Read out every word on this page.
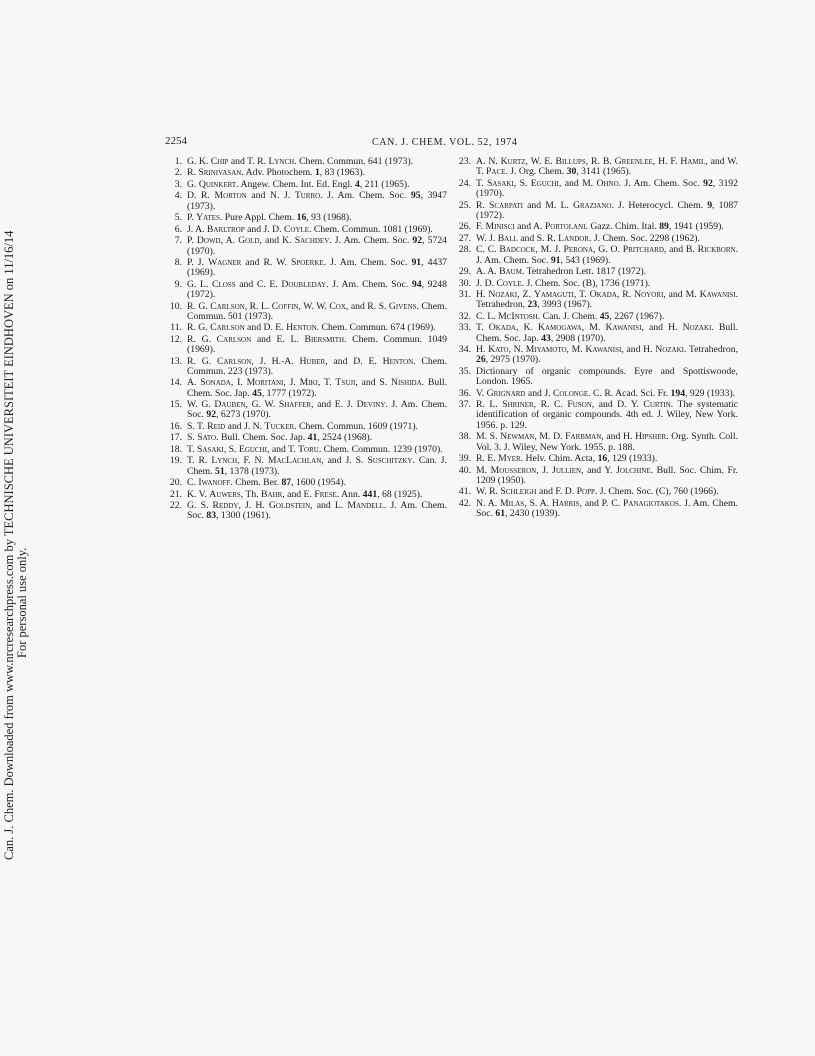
2254	CAN. J. CHEM. VOL. 52, 1974
1. G. K. Chip and T. R. Lynch. Chem. Commun. 641 (1973).
2. R. Srinivasan. Adv. Photochem. 1, 83 (1963).
3. G. Quinkert. Angew. Chem. Int. Ed. Engl. 4, 211 (1965).
4. D. R. Morton and N. J. Turro. J. Am. Chem. Soc. 95, 3947 (1973).
5. P. Yates. Pure Appl. Chem. 16, 93 (1968).
6. J. A. Barltrop and J. D. Coyle. Chem. Commun. 1081 (1969).
7. P. Dowd, A. Gold, and K. Sachdev. J. Am. Chem. Soc. 92, 5724 (1970).
8. P. J. Wagner and R. W. Spoerke. J. Am. Chem. Soc. 91, 4437 (1969).
9. G. L. Closs and C. E. Doubleday. J. Am. Chem. Soc. 94, 9248 (1972).
10. R. G. Carlson, R. L. Coffin, W. W. Cox, and R. S. Givens. Chem. Commun. 501 (1973).
11. R. G. Carlson and D. E. Henton. Chem. Commun. 674 (1969).
12. R. G. Carlson and E. L. Biersmith. Chem. Commun. 1049 (1969).
13. R. G. Carlson, J. H.-A. Huber, and D. E. Henton. Chem. Commun. 223 (1973).
14. A. Sonada, I. Moritani, J. Miki, T. Tsuji, and S. Nishida. Bull. Chem. Soc. Jap. 45, 1777 (1972).
15. W. G. Dauben, G. W. Shaffer, and E. J. Deviny. J. Am. Chem. Soc. 92, 6273 (1970).
16. S. T. Reid and J. N. Tucker. Chem. Commun. 1609 (1971).
17. S. Sato. Bull. Chem. Soc. Jap. 41, 2524 (1968).
18. T. Sasaki, S. Eguchi, and T. Toru. Chem. Commun. 1239 (1970).
19. T. R. Lynch, F. N. MacLachlan, and J. S. Suschitzky. Can. J. Chem. 51, 1378 (1973).
20. C. Iwanoff. Chem. Ber. 87, 1600 (1954).
21. K. V. Auwers, Th. Bahr, and E. Frese. Ann. 441, 68 (1925).
22. G. S. Reddy, J. H. Goldstein, and L. Mandell. J. Am. Chem. Soc. 83, 1300 (1961).
23. A. N. Kurtz, W. E. Billups, R. B. Greenlee, H. F. Hamil, and W. T. Pace. J. Org. Chem. 30, 3141 (1965).
24. T. Sasaki, S. Eguchi, and M. Ohno. J. Am. Chem. Soc. 92, 3192 (1970).
25. R. Scarpati and M. L. Graziano. J. Heterocycl. Chem. 9, 1087 (1972).
26. F. Minisci and A. Portolani. Gazz. Chim. Ital. 89, 1941 (1959).
27. W. J. Ball and S. R. Landor. J. Chem. Soc. 2298 (1962).
28. C. C. Badcock, M. J. Perona, G. O. Pritchard, and B. Rickborn. J. Am. Chem. Soc. 91, 543 (1969).
29. A. A. Baum. Tetrahedron Lett. 1817 (1972).
30. J. D. Coyle. J. Chem. Soc. (B), 1736 (1971).
31. H. Nozaki, Z. Yamaguti, T. Okada, R. Noyori, and M. Kawanisi. Tetrahedron, 23, 3993 (1967).
32. C. L. McIntosh. Can. J. Chem. 45, 2267 (1967).
33. T. Okada, K. Kamogawa, M. Kawanisi, and H. Nozaki. Bull. Chem. Soc. Jap. 43, 2908 (1970).
34. H. Kato, N. Miyamoto, M. Kawanisi, and H. Nozaki. Tetrahedron, 26, 2975 (1970).
35. Dictionary of organic compounds. Eyre and Spottiswoode, London. 1965.
36. V. Grignard and J. Colonge. C. R. Acad. Sci. Fr. 194, 929 (1933).
37. R. L. Shriner, R. C. Fuson, and D. Y. Curtin. The systematic identification of organic compounds. 4th ed. J. Wiley, New York. 1956. p. 129.
38. M. S. Newman, M. D. Farbman, and H. Hipsher. Org. Synth. Coll. Vol. 3. J. Wiley, New York. 1955. p. 188.
39. R. E. Myer. Helv. Chim. Acta, 16, 129 (1933).
40. M. Mousseron, J. Jullien, and Y. Jolchine. Bull. Soc. Chim. Fr. 1209 (1950).
41. W. R. Schleigh and F. D. Popp. J. Chem. Soc. (C), 760 (1966).
42. N. A. Milas, S. A. Harris, and P. C. Panagiotakos. J. Am. Chem. Soc. 61, 2430 (1939).
Can. J. Chem. Downloaded from www.nrcresearchpress.com by TECHNISCHE UNIVERSITEIT EINDHOVEN on 11/16/14 For personal use only.
